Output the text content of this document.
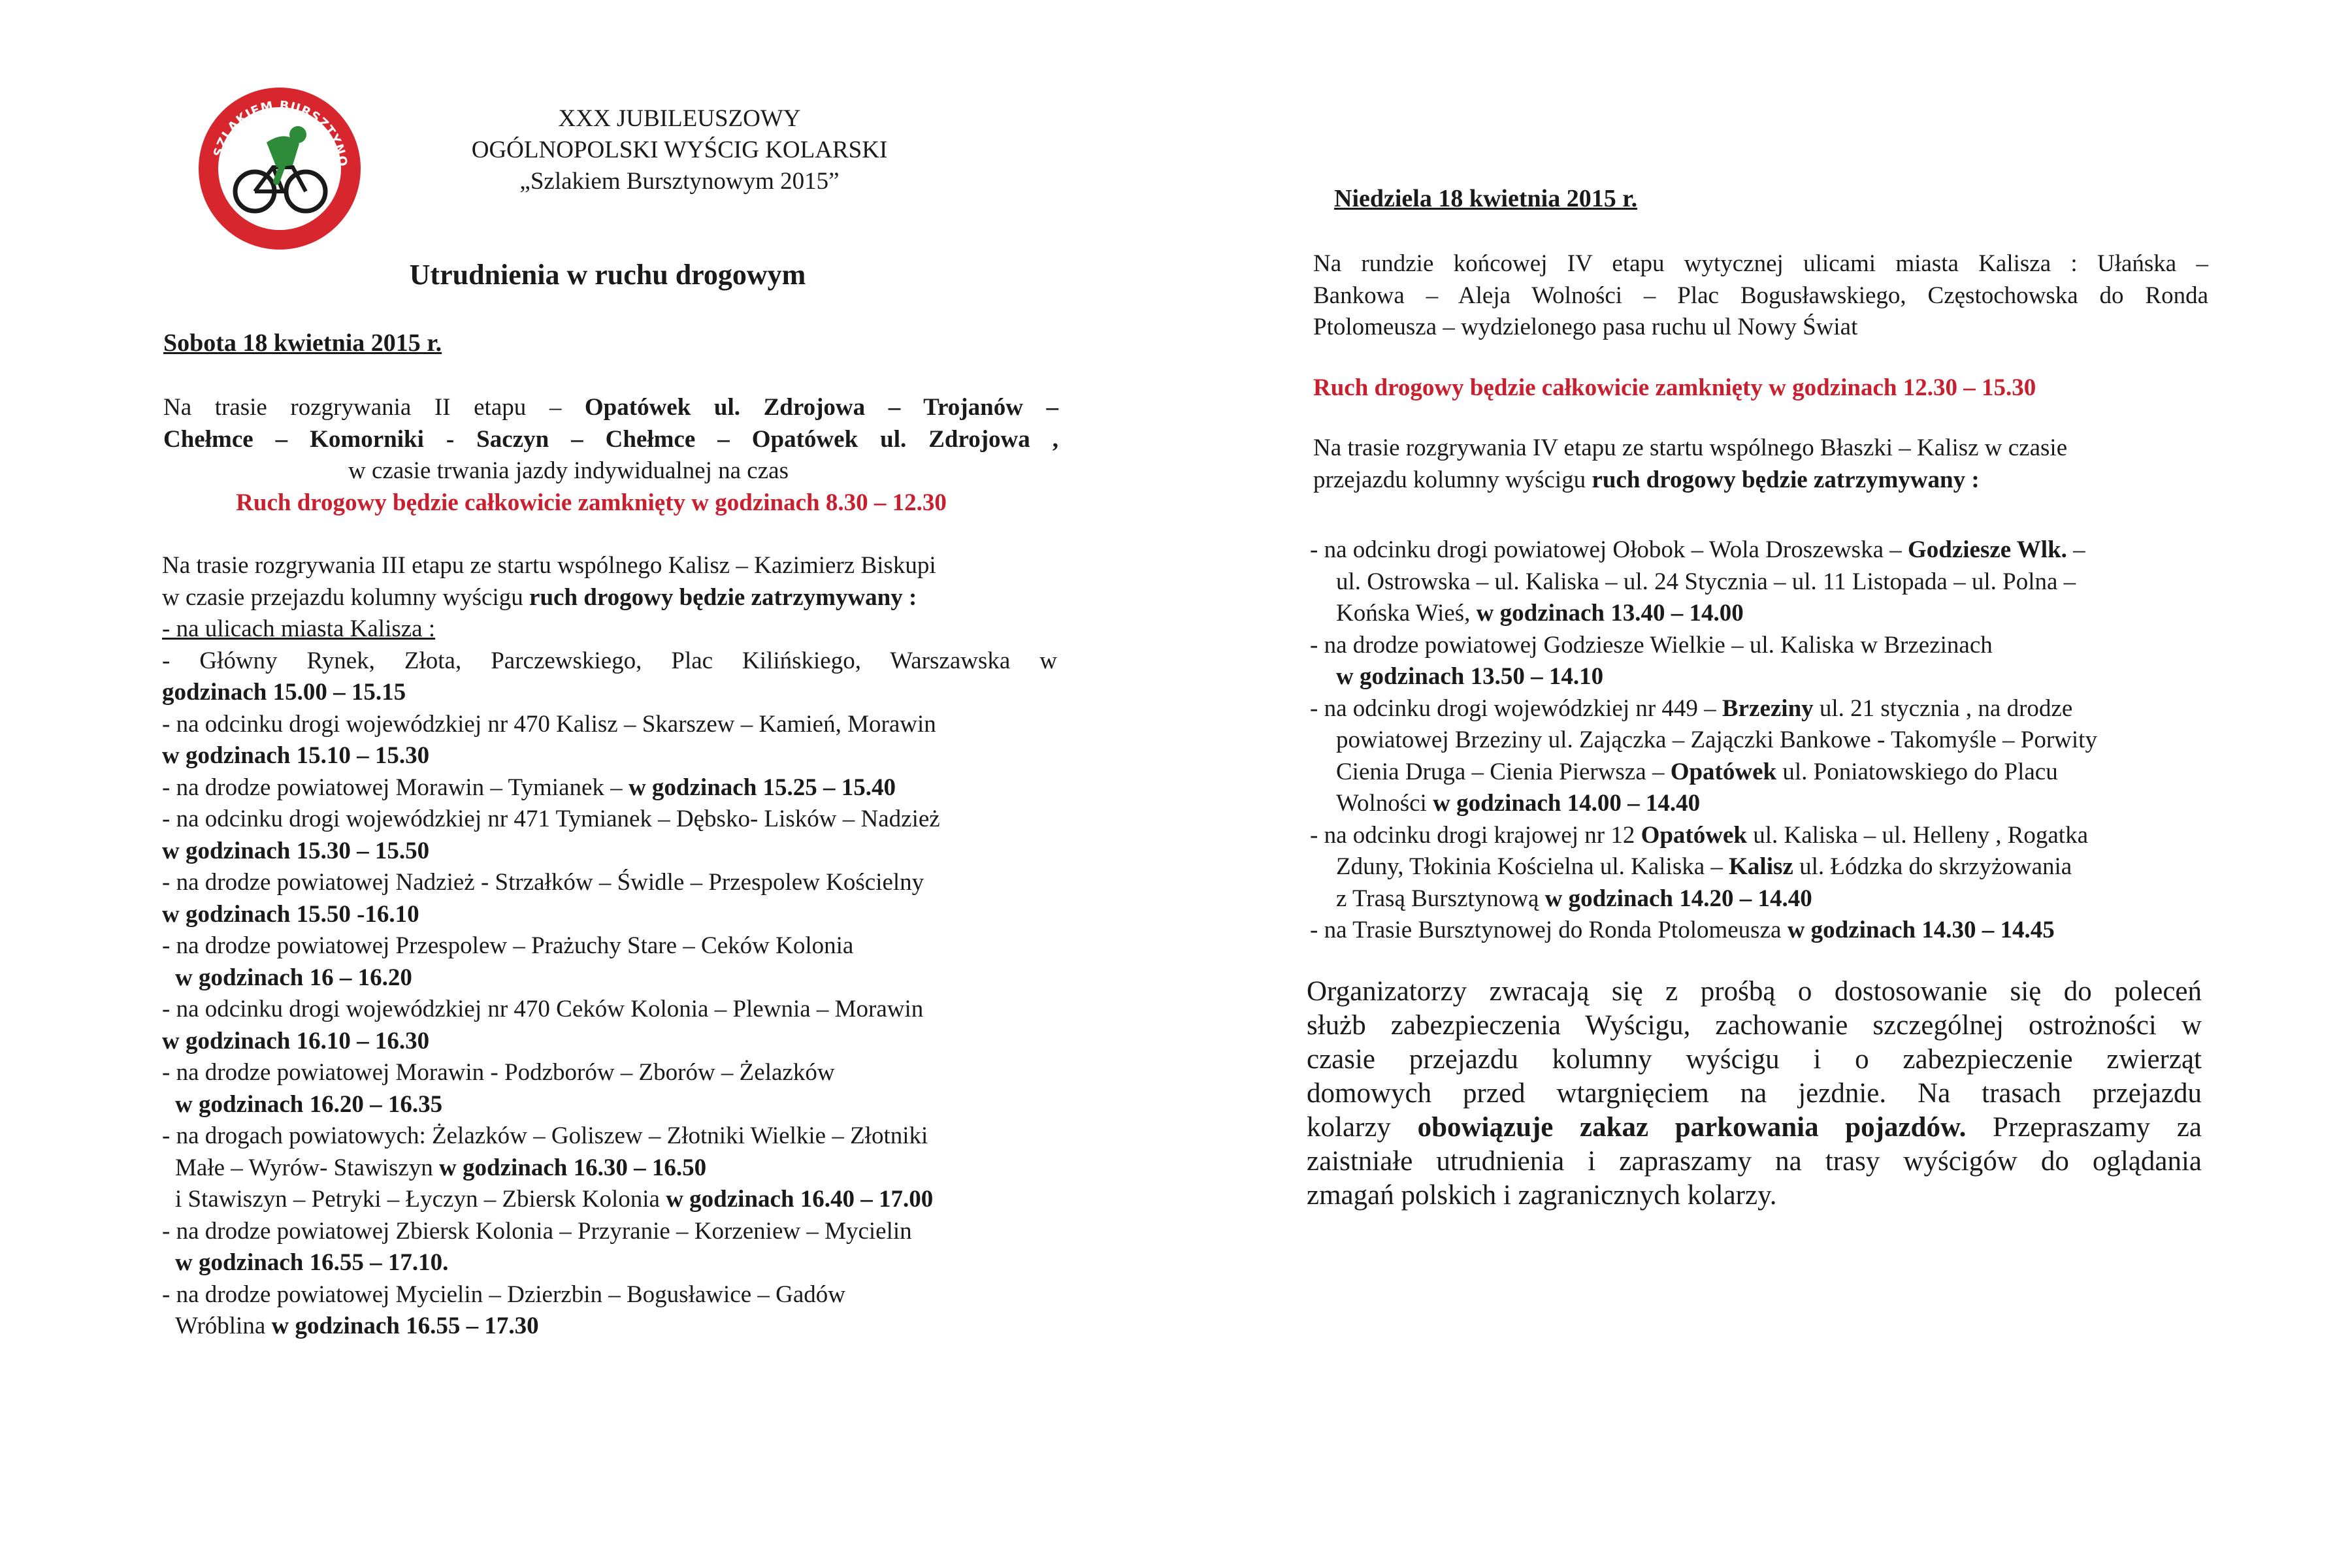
SZLAKIEM BURSZTYNO
XXX JUBILEUSZOWY
OGÓLNOPOLSKI WYŚCIG KOLARSKI
„Szlakiem Bursztynowym 2015”
Utrudnienia w ruchu drogowym
Sobota 18 kwietnia 2015 r.

Na trasie rozgrywania II etapu – Opatówek ul. Zdrojowa – Trojanów –

Chełmce – Komorniki - Saczyn – Chełmce – Opatówek ul. Zdrojowa ,

w czasie trwania jazdy indywidualnej na czas

Ruch drogowy będzie całkowicie zamknięty w godzinach 8.30 – 12.30

Na trasie rozgrywania III etapu ze startu wspólnego Kalisz – Kazimierz Biskupi

w czasie przejazdu kolumny wyścigu ruch drogowy będzie zatrzymywany :

- na ulicach miasta Kalisza :

- Główny Rynek, Złota, Parczewskiego, Plac Kilińskiego, Warszawska w

godzinach 15.00 – 15.15

- na odcinku drogi wojewódzkiej nr 470 Kalisz – Skarszew – Kamień, Morawin

w godzinach 15.10 – 15.30

- na drodze powiatowej Morawin – Tymianek – w godzinach 15.25 – 15.40

- na odcinku drogi wojewódzkiej nr 471 Tymianek – Dębsko- Lisków – Nadzież

w godzinach 15.30 – 15.50

- na drodze powiatowej Nadzież - Strzałków – Świdle – Przespolew Kościelny

w godzinach 15.50 -16.10

- na drodze powiatowej Przespolew – Prażuchy Stare – Ceków Kolonia

w godzinach 16 – 16.20

- na odcinku drogi wojewódzkiej nr 470 Ceków Kolonia – Plewnia – Morawin

w godzinach 16.10 – 16.30

- na drodze powiatowej Morawin - Podzborów – Zborów – Żelazków

w godzinach 16.20 – 16.35

- na drogach powiatowych: Żelazków – Goliszew – Złotniki Wielkie – Złotniki

Małe – Wyrów- Stawiszyn w godzinach 16.30 – 16.50

i Stawiszyn – Petryki – Łyczyn – Zbiersk Kolonia w godzinach 16.40 – 17.00

- na drodze powiatowej Zbiersk Kolonia – Przyranie – Korzeniew – Mycielin

w godzinach 16.55 – 17.10.

- na drodze powiatowej Mycielin – Dzierzbin – Bogusławice – Gadów

Wróblina w godzinach 16.55 – 17.30

Niedziela 18 kwietnia 2015 r.

Na rundzie końcowej IV etapu wytycznej ulicami miasta Kalisza : Ułańska –

Bankowa – Aleja Wolności – Plac Bogusławskiego, Częstochowska do Ronda

Ptolomeusza – wydzielonego pasa ruchu ul Nowy Świat

Ruch drogowy będzie całkowicie zamknięty w godzinach 12.30 – 15.30

Na trasie rozgrywania IV etapu ze startu wspólnego Błaszki – Kalisz w czasie

przejazdu kolumny wyścigu ruch drogowy będzie zatrzymywany :

- na odcinku drogi powiatowej Ołobok – Wola Droszewska – Godziesze Wlk. –

ul. Ostrowska – ul. Kaliska – ul. 24 Stycznia – ul. 11 Listopada – ul. Polna –

Końska Wieś, w godzinach 13.40 – 14.00

- na drodze powiatowej Godziesze Wielkie – ul. Kaliska w Brzezinach

w godzinach 13.50 – 14.10

- na odcinku drogi wojewódzkiej nr 449 – Brzeziny ul. 21 stycznia , na drodze

powiatowej Brzeziny ul. Zajączka – Zajączki Bankowe - Takomyśle – Porwity

Cienia Druga – Cienia Pierwsza – Opatówek ul. Poniatowskiego do Placu

Wolności w godzinach 14.00 – 14.40

- na odcinku drogi krajowej nr 12 Opatówek ul. Kaliska – ul. Helleny , Rogatka

Zduny, Tłokinia Kościelna ul. Kaliska – Kalisz ul. Łódzka do skrzyżowania

z Trasą Bursztynową w godzinach 14.20 – 14.40

- na Trasie Bursztynowej do Ronda Ptolomeusza w godzinach 14.30 – 14.45

Organizatorzy zwracają się z prośbą o dostosowanie się do poleceń

służb zabezpieczenia Wyścigu, zachowanie szczególnej ostrożności w

czasie przejazdu kolumny wyścigu i o zabezpieczenie zwierząt

domowych przed wtargnięciem na jezdnie. Na trasach przejazdu

kolarzy obowiązuje zakaz parkowania pojazdów. Przepraszamy za

zaistniałe utrudnienia i zapraszamy na trasy wyścigów do oglądania

zmagań polskich i zagranicznych kolarzy.
